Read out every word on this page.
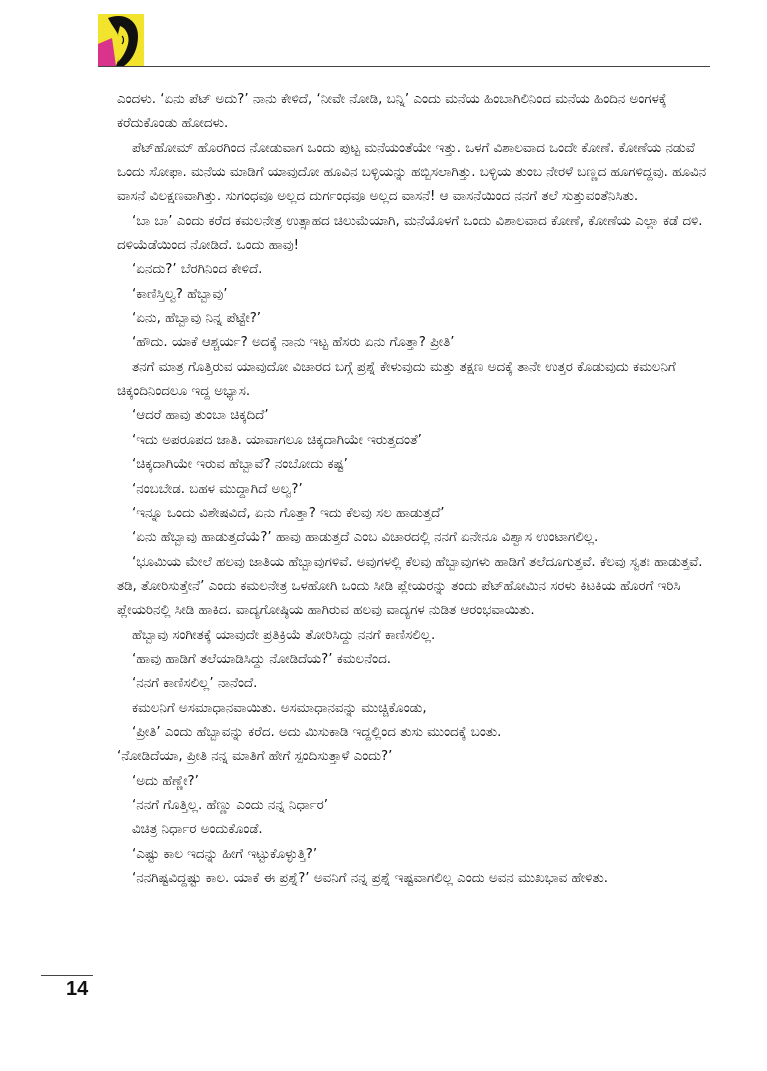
ಎಂದಳು. ‘ಏನು ಪೆಟ್ ಅದು?’ ನಾನು ಕೇಳಿದೆ, ‘ನೀವೇ ನೋಡಿ, ಬನ್ನಿ’ ಎಂದು ಮನೆಯ ಹಿಂಬಾಗಿಲಿನಿಂದ ಮನೆಯ ಹಿಂದಿನ ಅಂಗಳಕ್ಕೆ ಕರೆದುಕೊಂಡು ಹೋದಳು.

ಪೆಟ್‌ಹೋಮ್ ಹೊರಗಿಂದ ನೋಡುವಾಗ ಒಂದು ಪುಟ್ಟ ಮನೆಯಂತೆಯೇ ಇತ್ತು. ಒಳಗೆ ವಿಶಾಲವಾದ ಒಂದೇ ಕೋಣೆ. ಕೋಣೆಯ ನಡುವೆ ಒಂದು ಸೋಫಾ. ಮನೆಯ ಮಾಡಿಗೆ ಯಾವುದೋ ಹೂವಿನ ಬಳ್ಳಿಯನ್ನು ಹಬ್ಬಿಸಲಾಗಿತ್ತು. ಬಳ್ಳಿಯ ತುಂಬ ನೇರಳೆ ಬಣ್ಣದ ಹೂಗಳಿದ್ದವು. ಹೂವಿನ ವಾಸನೆ ವಿಲಕ್ಷಣವಾಗಿತ್ತು. ಸುಗಂಧವೂ ಅಲ್ಲದ ದುರ್ಗಂಧವೂ ಅಲ್ಲದ ವಾಸನೆ! ಆ ವಾಸನೆಯಿಂದ ನನಗೆ ತಲೆ ಸುತ್ತುವಂತೆನಿಸಿತು.

‘ಬಾ ಬಾ’ ಎಂದು ಕರೆದ ಕಮಲನೇತ್ರ ಉತ್ಸಾಹದ ಚಿಲುಮೆಯಾಗಿ, ಮನೆಯೊಳಗೆ ಒಂದು ವಿಶಾಲವಾದ ಕೋಣೆ, ಕೋಣೆಯ ಎಲ್ಲಾ ಕಡೆ ದಳಿ. ದಳಿಯೆಡೆಯಿಂದ ನೋಡಿದೆ. ಒಂದು ಹಾವು!

‘ಏನದು?’ ಬೆರಗಿನಿಂದ ಕೇಳಿದೆ.

‘ಕಾಣಿಸ್ತಿಲ್ವ? ಹೆಬ್ಬಾವು’

‘ಏನು, ಹೆಬ್ಬಾವು ನಿನ್ನ ಪೆಟ್ಟೇ?’

‘ಹೌದು. ಯಾಕೆ ಆಶ್ಚರ್ಯ? ಅದಕ್ಕೆ ನಾನು ಇಟ್ಟ ಹೆಸರು ಏನು ಗೊತ್ತಾ? ಪ್ರೀತಿ’

ತನಗೆ ಮಾತ್ರ ಗೊತ್ತಿರುವ ಯಾವುದೋ ವಿಚಾರದ ಬಗ್ಗೆ ಪ್ರಶ್ನೆ ಕೇಳುವುದು ಮತ್ತು ತಕ್ಷಣ ಅದಕ್ಕೆ ತಾನೇ ಉತ್ತರ ಕೊಡುವುದು ಕಮಲನಿಗೆ ಚಿಕ್ಕಂದಿನಿಂದಲೂ ಇದ್ದ ಅಭ್ಯಾಸ.

‘ಆದರೆ ಹಾವು ತುಂಬಾ ಚಿಕ್ಕದಿದೆ’

‘ಇದು ಅಪರೂಪದ ಜಾತಿ. ಯಾವಾಗಲೂ ಚಿಕ್ಕದಾಗಿಯೇ ಇರುತ್ತದಂತೆ’

‘ಚಿಕ್ಕದಾಗಿಯೇ ಇರುವ ಹೆಬ್ಬಾವೆ? ನಂಬೋದು ಕಷ್ಟ’

‘ನಂಬಬೇಡ. ಬಹಳ ಮುದ್ದಾಗಿದೆ ಅಲ್ವ?’

‘ಇನ್ನೂ ಒಂದು ವಿಶೇಷವಿದೆ, ಏನು ಗೊತ್ತಾ? ಇದು ಕೆಲವು ಸಲ ಹಾಡುತ್ತದೆ’

‘ಏನು ಹೆಬ್ಬಾವು ಹಾಡುತ್ತದೆಯೆ?’ ಹಾವು ಹಾಡುತ್ತದೆ ಎಂಬ ವಿಚಾರದಲ್ಲಿ ನನಗೆ ಏನೇನೂ ವಿಶ್ವಾಸ ಉಂಟಾಗಲಿಲ್ಲ.

‘ಭೂಮಿಯ ಮೇಲೆ ಹಲವು ಜಾತಿಯ ಹೆಬ್ಬಾವುಗಳಿವೆ. ಅವುಗಳಲ್ಲಿ ಕೆಲವು ಹೆಬ್ಬಾವುಗಳು ಹಾಡಿಗೆ ತಲೆದೂಗುತ್ತವೆ. ಕೆಲವು ಸ್ವತಃ ಹಾಡುತ್ತವೆ. ತಡಿ, ತೋರಿಸುತ್ತೇನೆ’ ಎಂದು ಕಮಲನೇತ್ರ ಒಳಹೋಗಿ ಒಂದು ಸೀಡಿ ಪ್ಲೇಯರನ್ನು ತಂದು ಪೆಟ್‌ಹೋಮಿನ ಸರಳು ಕಿಟಕಿಯ ಹೊರಗೆ ಇರಿಸಿ ಪ್ಲೇಯರಿನಲ್ಲಿ ಸೀಡಿ ಹಾಕಿದ. ವಾದ್ಯಗೋಷ್ಠಿಯ ಹಾಗಿರುವ ಹಲವು ವಾದ್ಯಗಳ ನುಡಿತ ಆರಂಭವಾಯಿತು.

ಹೆಬ್ಬಾವು ಸಂಗೀತಕ್ಕೆ ಯಾವುದೇ ಪ್ರತಿಕ್ರಿಯೆ ತೋರಿಸಿದ್ದು ನನಗೆ ಕಾಣಿಸಲಿಲ್ಲ.

‘ಹಾವು ಹಾಡಿಗೆ ತಲೆಯಾಡಿಸಿದ್ದು ನೋಡಿದೆಯ?’ ಕಮಲನೆಂದ.

‘ನನಗೆ ಕಾಣಿಸಲಿಲ್ಲ’ ನಾನೆಂದೆ.

ಕಮಲನಿಗೆ ಅಸಮಾಧಾನವಾಯಿತು. ಅಸಮಾಧಾನವನ್ನು ಮುಚ್ಚಿಕೊಂಡು,

‘ಪ್ರೀತಿ’ ಎಂದು ಹೆಬ್ಬಾವನ್ನು ಕರೆದ. ಅದು ಮಿಸುಕಾಡಿ ಇದ್ದಲ್ಲಿಂದ ತುಸು ಮುಂದಕ್ಕೆ ಬಂತು.

‘ನೋಡಿದೆಯಾ, ಪ್ರೀತಿ ನನ್ನ ಮಾತಿಗೆ ಹೇಗೆ ಸ್ಪಂದಿಸುತ್ತಾಳೆ ಎಂದು?’

‘ಅದು ಹೆಣ್ಣೇ?’

‘ನನಗೆ ಗೊತ್ತಿಲ್ಲ. ಹೆಣ್ಣು ಎಂದು ನನ್ನ ನಿರ್ಧಾರ’

ವಿಚಿತ್ರ ನಿರ್ಧಾರ ಅಂದುಕೊಂಡೆ.

‘ಎಷ್ಟು ಕಾಲ ಇದನ್ನು ಹೀಗೆ ಇಟ್ಟುಕೊಳ್ಳುತ್ತಿ?’

‘ನನಗಿಷ್ಟವಿದ್ದಷ್ಟು ಕಾಲ. ಯಾಕೆ ಈ ಪ್ರಶ್ನೆ?’ ಅವನಿಗೆ ನನ್ನ ಪ್ರಶ್ನೆ ಇಷ್ಟವಾಗಲಿಲ್ಲ ಎಂದು ಅವನ ಮುಖಭಾವ ಹೇಳಿತು.

14
